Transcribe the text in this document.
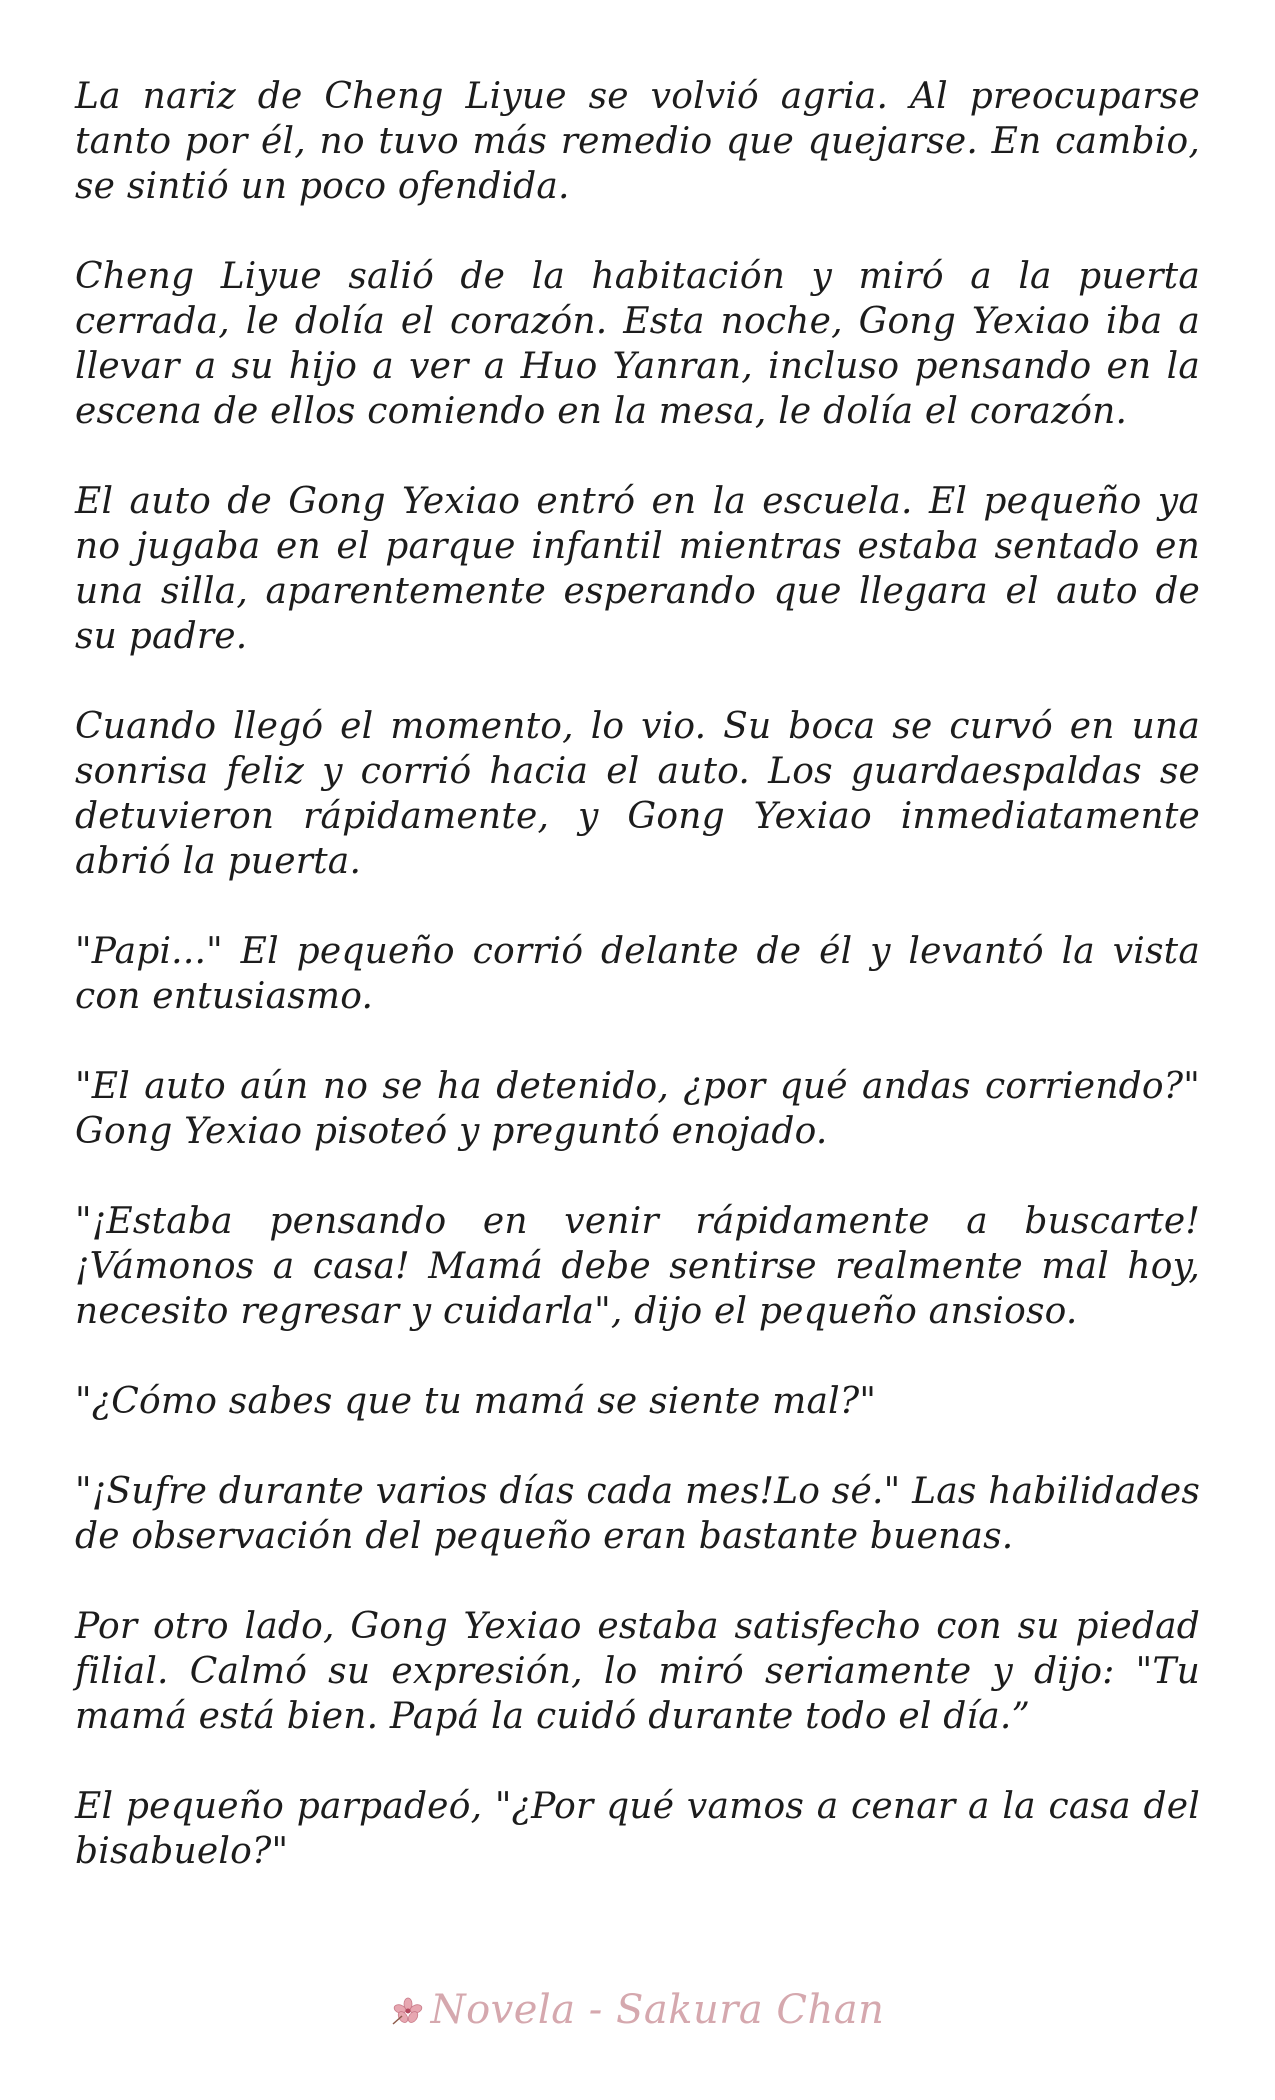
La nariz de Cheng Liyue se volvió agria. Al preocuparse tanto por él, no tuvo más remedio que quejarse. En cambio, se sintió un poco ofendida.

Cheng Liyue salió de la habitación y miró a la puerta cerrada, le dolía el corazón. Esta noche, Gong Yexiao iba a llevar a su hijo a ver a Huo Yanran, incluso pensando en la escena de ellos comiendo en la mesa, le dolía el corazón.

El auto de Gong Yexiao entró en la escuela. El pequeño ya no jugaba en el parque infantil mientras estaba sentado en una silla, aparentemente esperando que llegara el auto de su padre.

Cuando llegó el momento, lo vio. Su boca se curvó en una sonrisa feliz y corrió hacia el auto. Los guardaespaldas se detuvieron rápidamente, y Gong Yexiao inmediatamente abrió la puerta.

"Papi..." El pequeño corrió delante de él y levantó la vista con entusiasmo.

"El auto aún no se ha detenido, ¿por qué andas corriendo?" Gong Yexiao pisoteó y preguntó enojado.

"¡Estaba pensando en venir rápidamente a buscarte! ¡Vámonos a casa! Mamá debe sentirse realmente mal hoy, necesito regresar y cuidarla", dijo el pequeño ansioso.

"¿Cómo sabes que tu mamá se siente mal?"

"¡Sufre durante varios días cada mes!Lo sé." Las habilidades de observación del pequeño eran bastante buenas.

Por otro lado, Gong Yexiao estaba satisfecho con su piedad filial. Calmó su expresión, lo miró seriamente y dijo: "Tu mamá está bien. Papá la cuidó durante todo el día.”

El pequeño parpadeó, "¿Por qué vamos a cenar a la casa del bisabuelo?"

Novela - Sakura Chan
